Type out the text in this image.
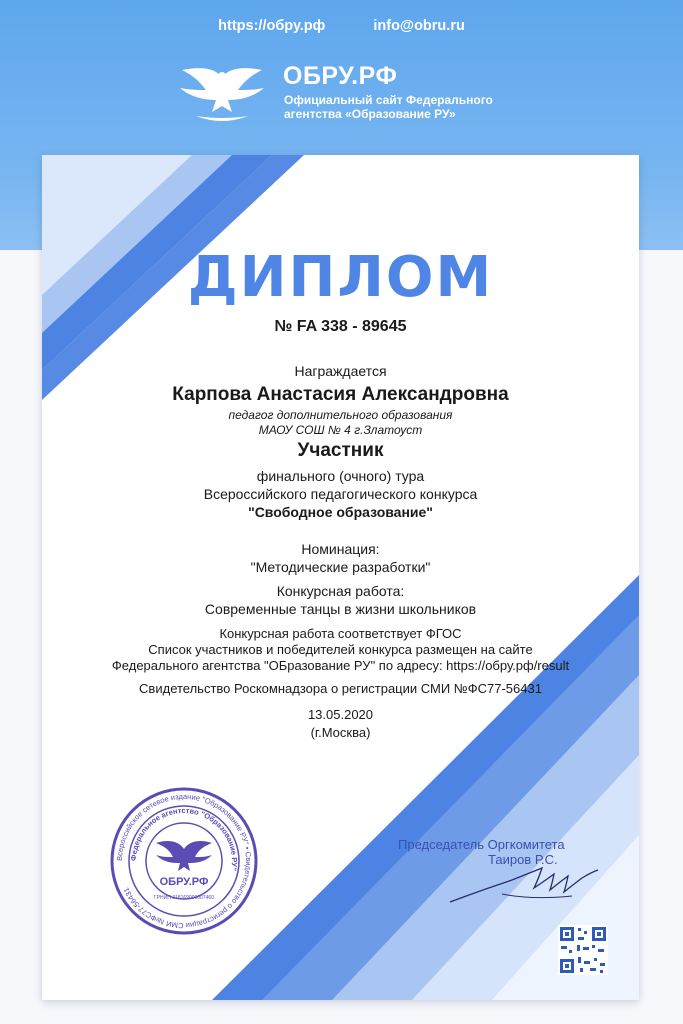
https://обру.рф	info@obru.ru
ОБРУ.РФ
Официальный сайт Федерального
агентства «Образование РУ»
ДИПЛОМ
№ FA 338 - 89645
Награждается
Карпова Анастасия Александровна
педагог дополнительного образования
МАОУ СОШ № 4 г.Златоуст
Участник
финального (очного) тура
Всероссийского педагогического конкурса
"Свободное образование"
Номинация:
"Методические разработки"
Конкурсная работа:
Современные танцы в жизни школьников
Конкурсная работа соответствует ФГОС
Список участников и победителей конкурса размещен на сайте
Федерального агентства "ОБразование РУ" по адресу: https://обру.рф/result
Свидетельство Роскомнадзора о регистрации СМИ №ФС77-56431
13.05.2020
(г.Москва)
Всероссийское сетевое издание "Образование РУ" • Свидетельство о регистрации СМИ №ФС77-56431
Федеральное агентство "Образование РУ"
ОБРУ.РФ
ГРНИП 318169000007460
Председатель Оргкомитета
Таиров Р.С.
